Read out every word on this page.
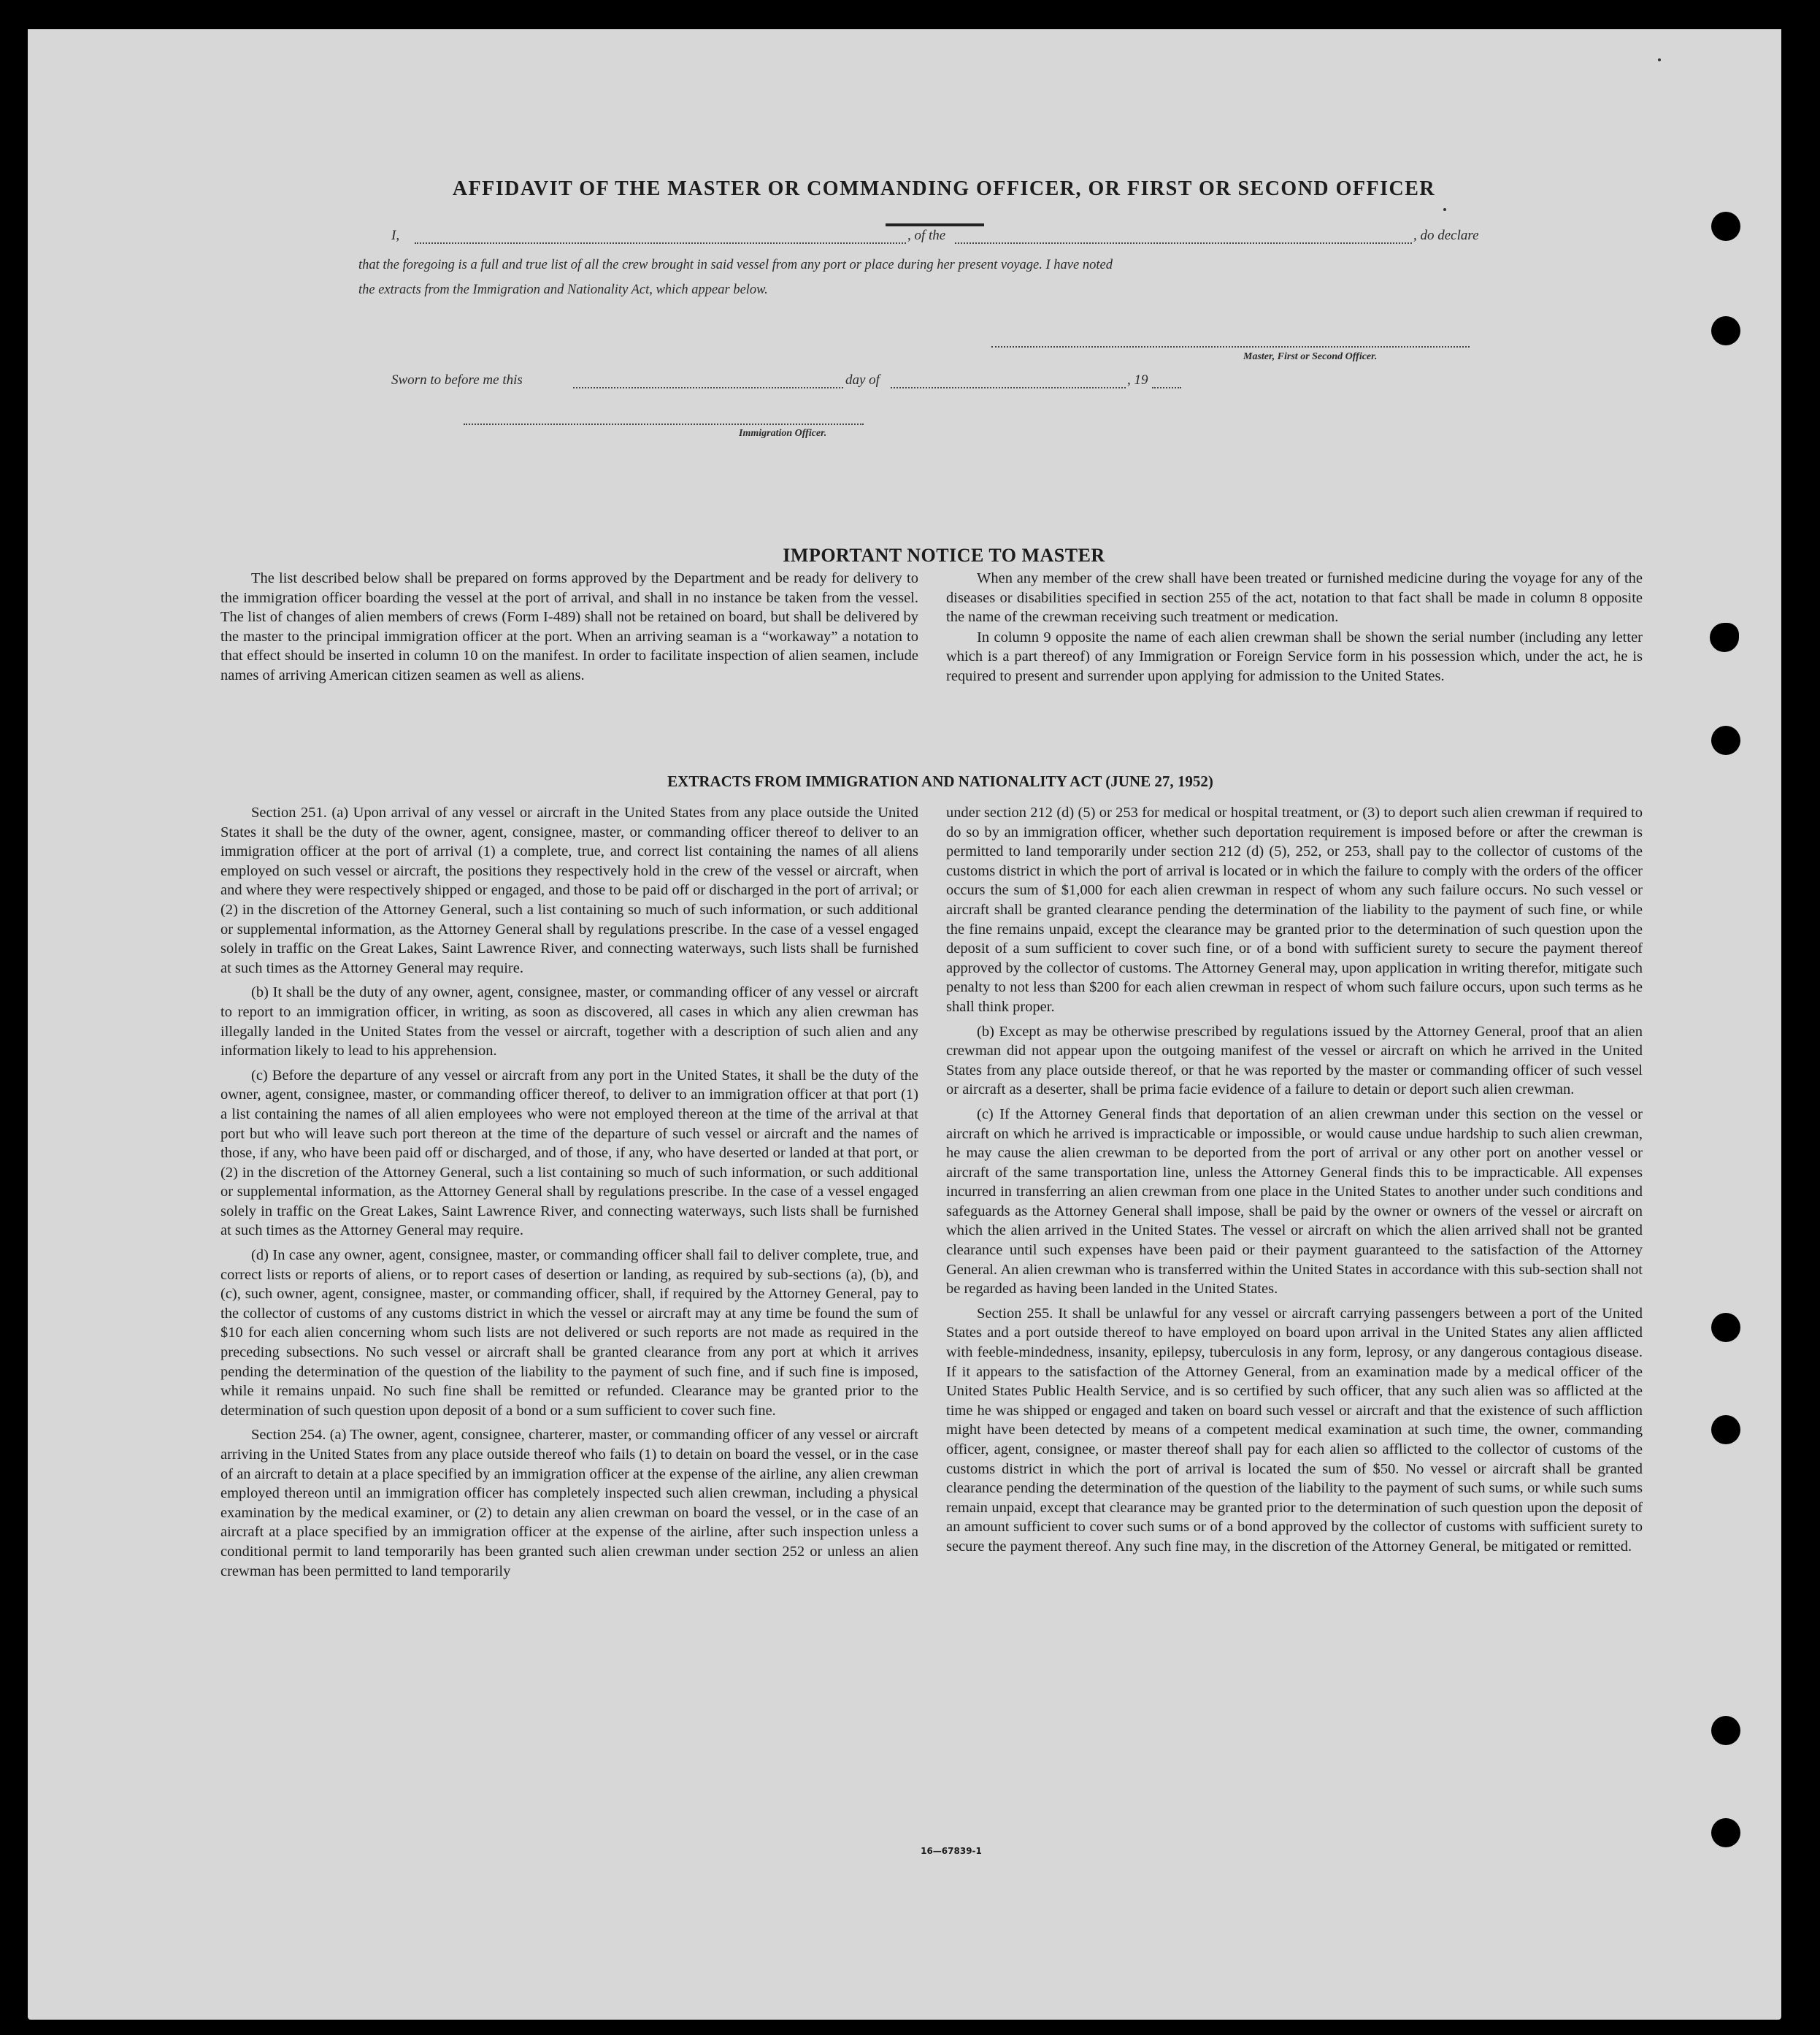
AFFIDAVIT OF THE MASTER OR COMMANDING OFFICER, OR FIRST OR SECOND OFFICER
I,	, of the	, do declare
that the foregoing is a full and true list of all the crew brought in said vessel from any port or place during her present voyage. I have noted
the extracts from the Immigration and Nationality Act, which appear below.
Master, First or Second Officer.
Sworn to before me this	day of	, 19
Immigration Officer.
IMPORTANT NOTICE TO MASTER

The list described below shall be prepared on forms approved by the Department and be ready for delivery to the immigration officer boarding the vessel at the port of arrival, and shall in no instance be taken from the vessel. The list of changes of alien members of crews (Form I-489) shall not be retained on board, but shall be delivered by the master to the principal immigration officer at the port. When an arriving seaman is a “workaway” a notation to that effect should be inserted in column 10 on the manifest. In order to facilitate inspection of alien seamen, include names of arriving American citizen seamen as well as aliens.

When any member of the crew shall have been treated or furnished medicine during the voyage for any of the diseases or disabilities specified in section 255 of the act, notation to that fact shall be made in column 8 opposite the name of the crewman receiving such treatment or medication.

In column 9 opposite the name of each alien crewman shall be shown the serial number (including any letter which is a part thereof) of any Immigration or Foreign Service form in his possession which, under the act, he is required to present and surrender upon applying for admission to the United States.

EXTRACTS FROM IMMIGRATION AND NATIONALITY ACT (JUNE 27, 1952)

Section 251. (a) Upon arrival of any vessel or aircraft in the United States from any place outside the United States it shall be the duty of the owner, agent, consignee, master, or commanding officer thereof to deliver to an immigration officer at the port of arrival (1) a complete, true, and correct list containing the names of all aliens employed on such vessel or aircraft, the positions they respectively hold in the crew of the vessel or aircraft, when and where they were respectively shipped or engaged, and those to be paid off or discharged in the port of arrival; or (2) in the discretion of the Attorney General, such a list containing so much of such information, or such additional or supplemental information, as the Attorney General shall by regulations prescribe. In the case of a vessel engaged solely in traffic on the Great Lakes, Saint Lawrence River, and connecting waterways, such lists shall be furnished at such times as the Attorney General may require.

(b) It shall be the duty of any owner, agent, consignee, master, or commanding officer of any vessel or aircraft to report to an immigration officer, in writing, as soon as discovered, all cases in which any alien crewman has illegally landed in the United States from the vessel or aircraft, together with a description of such alien and any information likely to lead to his apprehension.

(c) Before the departure of any vessel or aircraft from any port in the United States, it shall be the duty of the owner, agent, consignee, master, or commanding officer thereof, to deliver to an immigration officer at that port (1) a list containing the names of all alien employees who were not employed thereon at the time of the arrival at that port but who will leave such port thereon at the time of the departure of such vessel or aircraft and the names of those, if any, who have been paid off or discharged, and of those, if any, who have deserted or landed at that port, or (2) in the discretion of the Attorney General, such a list containing so much of such information, or such additional or supplemental information, as the Attorney General shall by regulations prescribe. In the case of a vessel engaged solely in traffic on the Great Lakes, Saint Lawrence River, and connecting waterways, such lists shall be furnished at such times as the Attorney General may require.

(d) In case any owner, agent, consignee, master, or commanding officer shall fail to deliver complete, true, and correct lists or reports of aliens, or to report cases of desertion or landing, as required by sub-sections (a), (b), and (c), such owner, agent, consignee, master, or commanding officer, shall, if required by the Attorney General, pay to the collector of customs of any customs district in which the vessel or aircraft may at any time be found the sum of $10 for each alien concerning whom such lists are not delivered or such reports are not made as required in the preceding subsections. No such vessel or aircraft shall be granted clearance from any port at which it arrives pending the determination of the question of the liability to the payment of such fine, and if such fine is imposed, while it remains unpaid. No such fine shall be remitted or refunded. Clearance may be granted prior to the determination of such question upon deposit of a bond or a sum sufficient to cover such fine.

Section 254. (a) The owner, agent, consignee, charterer, master, or commanding officer of any vessel or aircraft arriving in the United States from any place outside thereof who fails (1) to detain on board the vessel, or in the case of an aircraft to detain at a place specified by an immigration officer at the expense of the airline, any alien crewman employed thereon until an immigration officer has completely inspected such alien crewman, including a physical examination by the medical examiner, or (2) to detain any alien crewman on board the vessel, or in the case of an aircraft at a place specified by an immigration officer at the expense of the airline, after such inspection unless a conditional permit to land temporarily has been granted such alien crewman under section 252 or unless an alien crewman has been permitted to land temporarily

under section 212 (d) (5) or 253 for medical or hospital treatment, or (3) to deport such alien crewman if required to do so by an immigration officer, whether such deportation requirement is imposed before or after the crewman is permitted to land temporarily under section 212 (d) (5), 252, or 253, shall pay to the collector of customs of the customs district in which the port of arrival is located or in which the failure to comply with the orders of the officer occurs the sum of $1,000 for each alien crewman in respect of whom any such failure occurs. No such vessel or aircraft shall be granted clearance pending the determination of the liability to the payment of such fine, or while the fine remains unpaid, except the clearance may be granted prior to the determination of such question upon the deposit of a sum sufficient to cover such fine, or of a bond with sufficient surety to secure the payment thereof approved by the collector of customs. The Attorney General may, upon application in writing therefor, mitigate such penalty to not less than $200 for each alien crewman in respect of whom such failure occurs, upon such terms as he shall think proper.

(b) Except as may be otherwise prescribed by regulations issued by the Attorney General, proof that an alien crewman did not appear upon the outgoing manifest of the vessel or aircraft on which he arrived in the United States from any place outside thereof, or that he was reported by the master or commanding officer of such vessel or aircraft as a deserter, shall be prima facie evidence of a failure to detain or deport such alien crewman.

(c) If the Attorney General finds that deportation of an alien crewman under this section on the vessel or aircraft on which he arrived is impracticable or impossible, or would cause undue hardship to such alien crewman, he may cause the alien crewman to be deported from the port of arrival or any other port on another vessel or aircraft of the same transportation line, unless the Attorney General finds this to be impracticable. All expenses incurred in transferring an alien crewman from one place in the United States to another under such conditions and safeguards as the Attorney General shall impose, shall be paid by the owner or owners of the vessel or aircraft on which the alien arrived in the United States. The vessel or aircraft on which the alien arrived shall not be granted clearance until such expenses have been paid or their payment guaranteed to the satisfaction of the Attorney General. An alien crewman who is transferred within the United States in accordance with this sub-section shall not be regarded as having been landed in the United States.

Section 255. It shall be unlawful for any vessel or aircraft carrying passengers between a port of the United States and a port outside thereof to have employed on board upon arrival in the United States any alien afflicted with feeble-mindedness, insanity, epilepsy, tuberculosis in any form, leprosy, or any dangerous contagious disease. If it appears to the satisfaction of the Attorney General, from an examination made by a medical officer of the United States Public Health Service, and is so certified by such officer, that any such alien was so afflicted at the time he was shipped or engaged and taken on board such vessel or aircraft and that the existence of such affliction might have been detected by means of a competent medical examination at such time, the owner, commanding officer, agent, consignee, or master thereof shall pay for each alien so afflicted to the collector of customs of the customs district in which the port of arrival is located the sum of $50. No vessel or aircraft shall be granted clearance pending the determination of the question of the liability to the payment of such sums, or while such sums remain unpaid, except that clearance may be granted prior to the determination of such question upon the deposit of an amount sufficient to cover such sums or of a bond approved by the collector of customs with sufficient surety to secure the payment thereof. Any such fine may, in the discretion of the Attorney General, be mitigated or remitted.

16—67839-1
